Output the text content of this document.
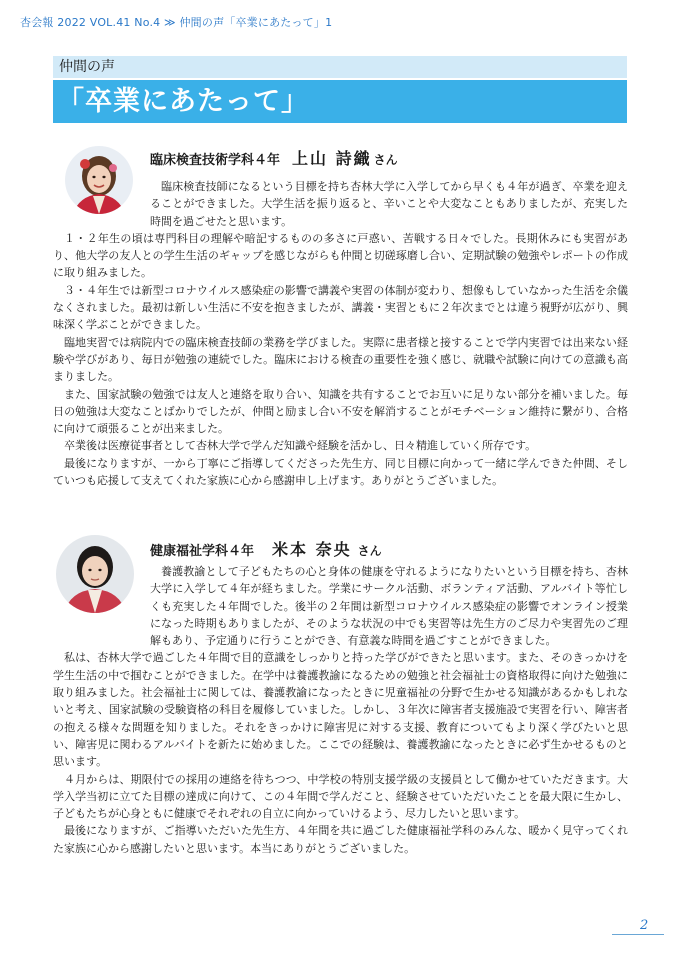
杏会報 2022 VOL.41 No.4 ≫ 仲間の声「卒業にあたって」1
仲間の声
「卒業にあたって」
臨床検査技術学科４年 上山 詩織 さん

臨床検査技師になるという目標を持ち杏林大学に入学してから早くも４年が過ぎ、卒業を迎えることができました。大学生活を振り返ると、辛いことや大変なこともありましたが、充実した時間を過ごせたと思います。

１・２年生の頃は専門科目の理解や暗記するものの多さに戸惑い、苦戦する日々でした。長期休みにも実習があり、他大学の友人との学生生活のギャップを感じながらも仲間と切磋琢磨し合い、定期試験の勉強やレポートの作成に取り組みました。

３・４年生では新型コロナウイルス感染症の影響で講義や実習の体制が変わり、想像もしていなかった生活を余儀なくされました。最初は新しい生活に不安を抱きましたが、講義・実習ともに２年次までとは違う視野が広がり、興味深く学ぶことができました。

臨地実習では病院内での臨床検査技師の業務を学びました。実際に患者様と接することで学内実習では出来ない経験や学びがあり、毎日が勉強の連続でした。臨床における検査の重要性を強く感じ、就職や試験に向けての意識も高まりました。

また、国家試験の勉強では友人と連絡を取り合い、知識を共有することでお互いに足りない部分を補いました。毎日の勉強は大変なことばかりでしたが、仲間と励まし合い不安を解消することがモチベーション維持に繋がり、合格に向けて頑張ることが出来ました。

卒業後は医療従事者として杏林大学で学んだ知識や経験を活かし、日々精進していく所存です。

最後になりますが、一から丁寧にご指導してくださった先生方、同じ目標に向かって一緒に学んできた仲間、そしていつも応援して支えてくれた家族に心から感謝申し上げます。ありがとうございました。

健康福祉学科４年 米本 奈央 さん

養護教諭として子どもたちの心と身体の健康を守れるようになりたいという目標を持ち、杏林大学に入学して４年が経ちました。学業にサークル活動、ボランティア活動、アルバイト等忙しくも充実した４年間でした。後半の２年間は新型コロナウイルス感染症の影響でオンライン授業になった時期もありましたが、そのような状況の中でも実習等は先生方のご尽力や実習先のご理解もあり、予定通りに行うことができ、有意義な時間を過ごすことができました。

私は、杏林大学で過ごした４年間で目的意識をしっかりと持った学びができたと思います。また、そのきっかけを学生生活の中で掴むことができました。在学中は養護教諭になるための勉強と社会福祉士の資格取得に向けた勉強に取り組みました。社会福祉士に関しては、養護教諭になったときに児童福祉の分野で生かせる知識があるかもしれないと考え、国家試験の受験資格の科目を履修していました。しかし、３年次に障害者支援施設で実習を行い、障害者の抱える様々な問題を知りました。それをきっかけに障害児に対する支援、教育についてもより深く学びたいと思い、障害児に関わるアルバイトを新たに始めました。ここでの経験は、養護教諭になったときに必ず生かせるものと思います。

４月からは、期限付での採用の連絡を待ちつつ、中学校の特別支援学級の支援員として働かせていただきます。大学入学当初に立てた目標の達成に向けて、この４年間で学んだこと、経験させていただいたことを最大限に生かし、子どもたちが心身ともに健康でそれぞれの自立に向かっていけるよう、尽力したいと思います。

最後になりますが、ご指導いただいた先生方、４年間を共に過ごした健康福祉学科のみんな、暖かく見守ってくれた家族に心から感謝したいと思います。本当にありがとうございました。

2
